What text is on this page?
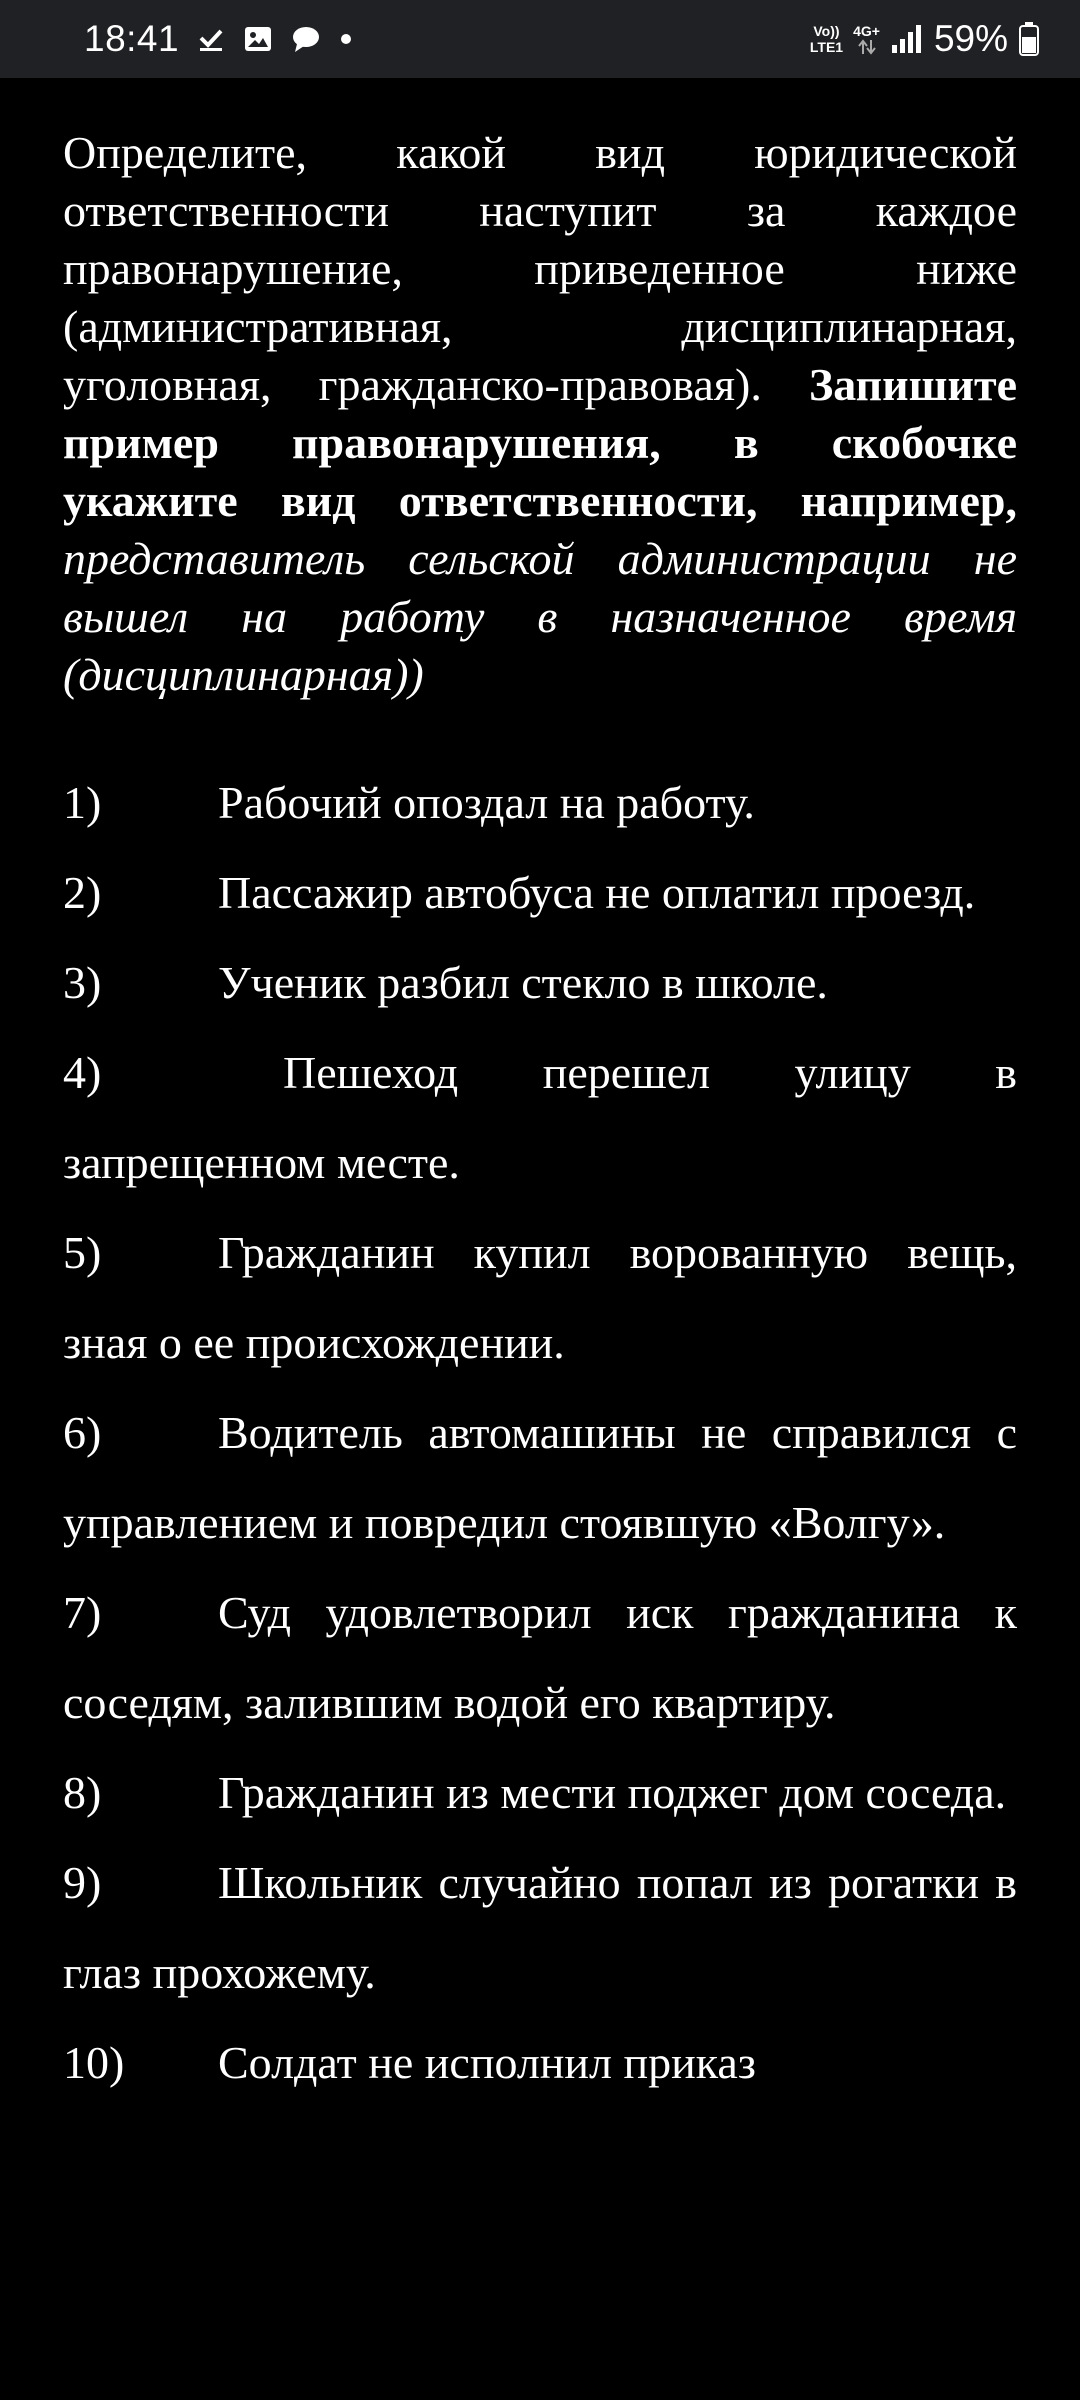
18:41	Vo))
LTE1
4G+ 59%

Определите, какой вид юридической ответственности наступит за каждое правонарушение, приведенное ниже (административная, дисциплинарная, уголовная, гражданско-правовая). Запишите пример правонарушения, в скобочке укажите вид ответственности, например, представитель сельской администрации не вышел на работу в назначенное время (дисциплинарная))

1)	Рабочий опоздал на работу.

2)	Пассажир автобуса не оплатил проезд.

3)	Ученик разбил стекло в школе.

4)	Пешеход перешел улицу в запрещенном месте.

5)	Гражданин купил ворованную вещь, зная о ее происхождении.

6)	Водитель автомашины не справился с управлением и повредил стоявшую «Волгу».

7)	Суд удовлетворил иск гражданина к соседям, залившим водой его квартиру.

8)	Гражданин из мести поджег дом соседа.

9)	Школьник случайно попал из рогатки в глаз прохожему.

10) Солдат не исполнил приказ
